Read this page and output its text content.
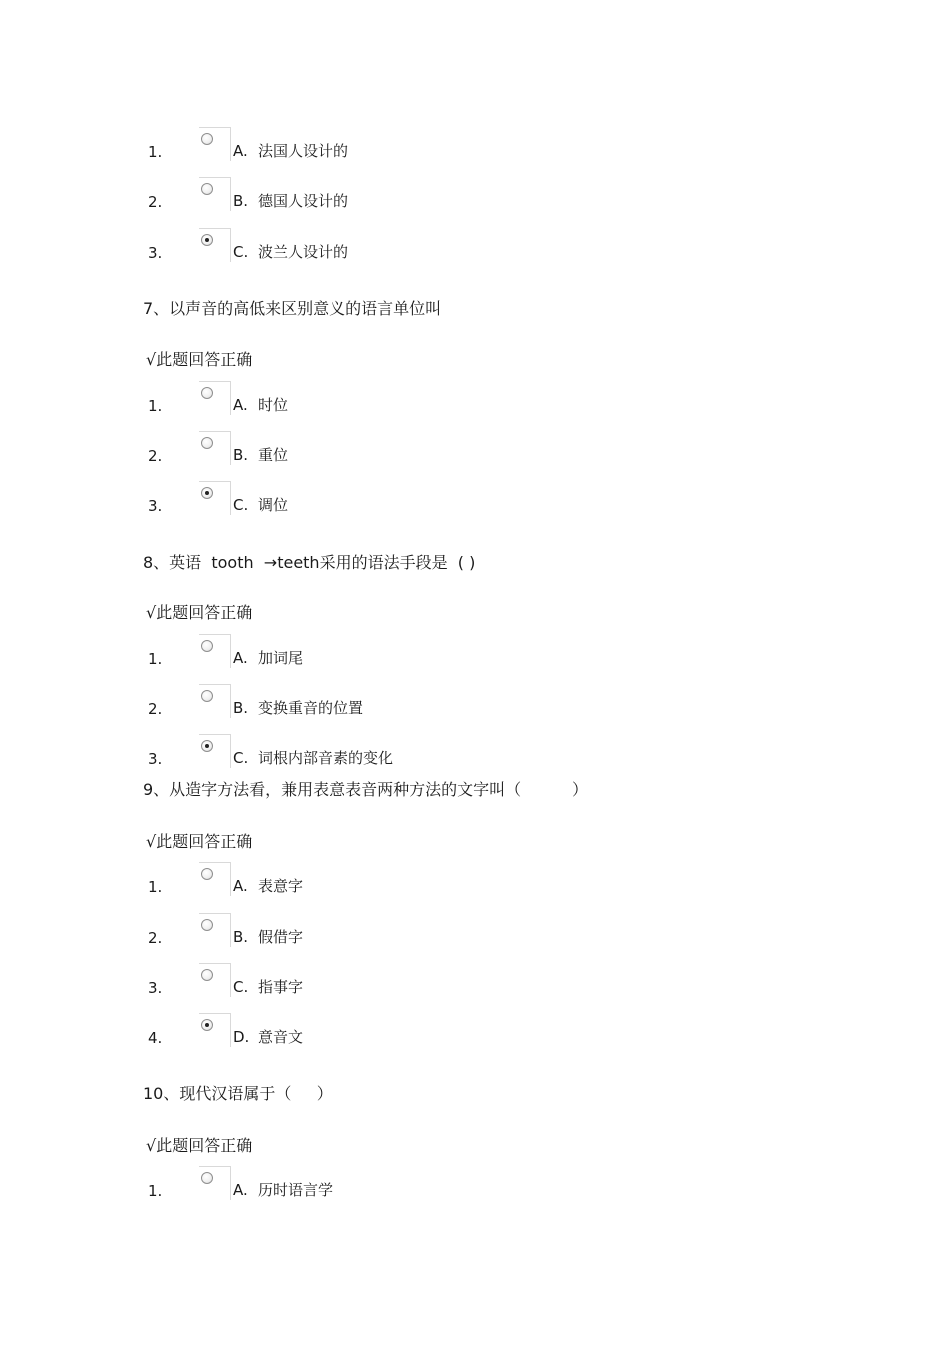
1.	A. 法国人设计的
2.	B. 德国人设计的
3.	C. 波兰人设计的
7、以声音的高低来区别意义的语言单位叫
√此题回答正确
1.	A. 时位
2.	B. 重位
3.	C. 调位
8、英语  tooth  →teeth采用的语法手段是  ( )
√此题回答正确
1.	A. 加词尾
2.	B. 变换重音的位置
3.	C. 词根内部音素的变化
9、从造字方法看，兼用表意表音两种方法的文字叫（          ）
√此题回答正确
1.	A. 表意字
2.	B. 假借字
3.	C. 指事字
4.	D. 意音文
10、现代汉语属于（     ）
√此题回答正确
1.	A. 历时语言学
